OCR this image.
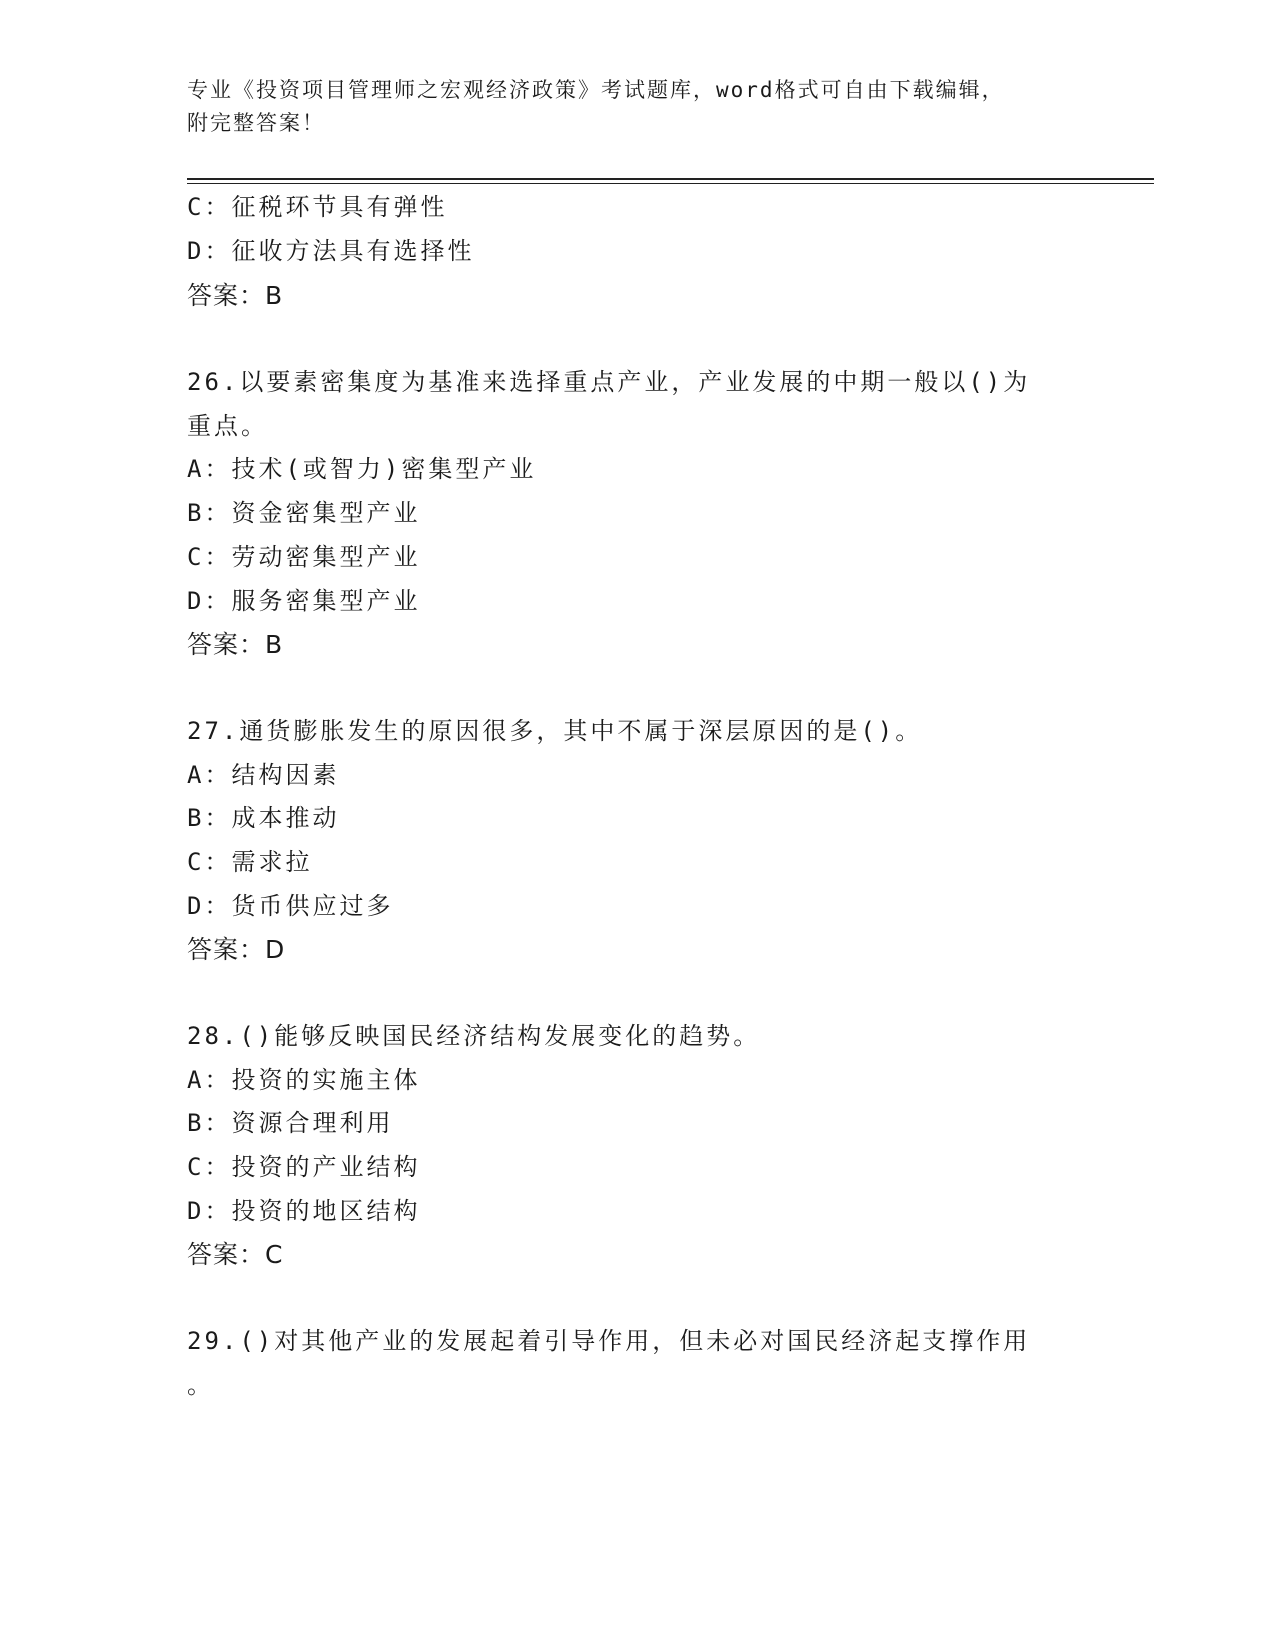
专业《投资项目管理师之宏观经济政策》考试题库，word格式可自由下载编辑，
附完整答案！
C：征税环节具有弹性
D：征收方法具有选择性
答案：B
26.以要素密集度为基准来选择重点产业，产业发展的中期一般以()为
重点。
A：技术(或智力)密集型产业
B：资金密集型产业
C：劳动密集型产业
D：服务密集型产业
答案：B
27.通货膨胀发生的原因很多，其中不属于深层原因的是()。
A：结构因素
B：成本推动
C：需求拉
D：货币供应过多
答案：D
28.()能够反映国民经济结构发展变化的趋势。
A：投资的实施主体
B：资源合理利用
C：投资的产业结构
D：投资的地区结构
答案：C
29.()对其他产业的发展起着引导作用，但未必对国民经济起支撑作用
。
